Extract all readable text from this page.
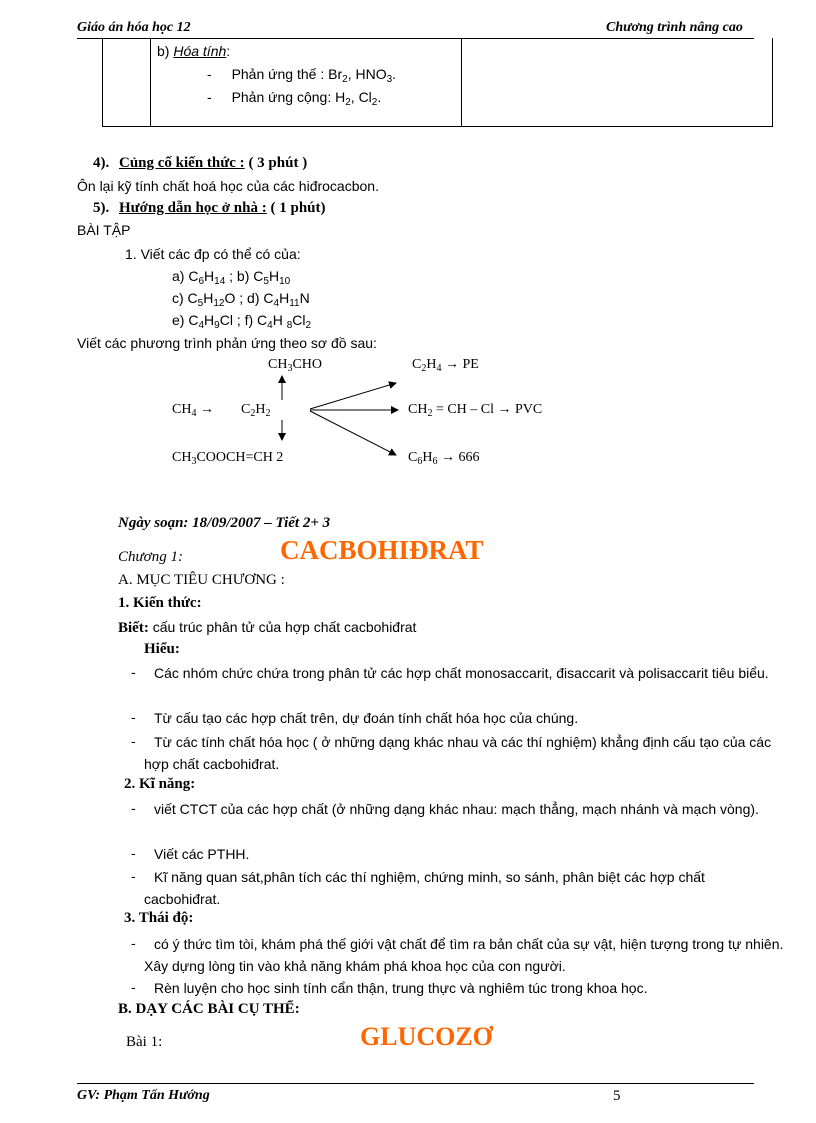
Giáo án hóa học 12	Chương trình nâng cao
b) Hóa tính:
- Phản ứng thế : $Br_2$, $HNO_3$.
- Phản ứng cộng: $H_2$, $Cl_2$.
4). Củng cố kiến thức : ( 3 phút )
Ôn lại kỹ tính chất hoá học của các hiđrocacbon.
5). Hướng dẫn học ở nhà : ( 1 phút)
BÀI TẬP
1. Viết các đp có thể có của:
a) $C_6H_{14}$ ; b) $C_5H_{10}$
c) $C_5H_{12}O$ ; d) $C_4H_{11}N$
e) $C_4H_9Cl$ ; f) $C_4H$ $_8Cl_2$
Viết các phương trình phản ứng theo sơ đồ sau:
$CH_3CHO$
$CH_4 \to C_2H_2$
$CH_3COOCH=CH$ 2
$C_2H_4$ → PE
$CH_2$ = CH – Cl → PVC
$C_6H_6 \to 666$
Ngày soạn: 18/09/2007 – Tiết 2+ 3
Chương 1:	CACBOHIĐRAT
A. MỤC TIÊU CHƯƠNG :
1. Kiến thức:
Biết: cấu trúc phân tử của hợp chất cacbohiđrat
Hiểu:
-	Các nhóm chức chứa trong phân tử các hợp chất monosaccarit, đisaccarit và polisaccarit tiêu biểu.
-	Từ cấu tạo các hợp chất trên, dự đoán tính chất hóa học của chúng.
-	Từ các tính chất hóa học ( ở những dạng khác nhau và các thí nghiệm) khẳng định cấu tạo của các hợp chất cacbohiđrat.
2. Kĩ năng:
-	viết CTCT của các hợp chất (ở những dạng khác nhau: mạch thẳng, mạch nhánh và mạch vòng).
-	Viết các PTHH.
-	Kĩ năng quan sát,phân tích các thí nghiệm, chứng minh, so sánh, phân biệt các hợp chất cacbohiđrat.
3. Thái độ:
-	có ý thức tìm tòi, khám phá thế giới vật chất để tìm ra bản chất của sự vật, hiện tượng trong tự nhiên. Xây dựng lòng tin vào khả năng khám phá khoa học của con người.
-	Rèn luyện cho học sinh tính cẩn thận, trung thực và nghiêm túc trong khoa học.
B. DẠY CÁC BÀI CỤ THỂ:
Bài 1:	GLUCOZƠ
GV: Phạm Tấn Hướng	5
